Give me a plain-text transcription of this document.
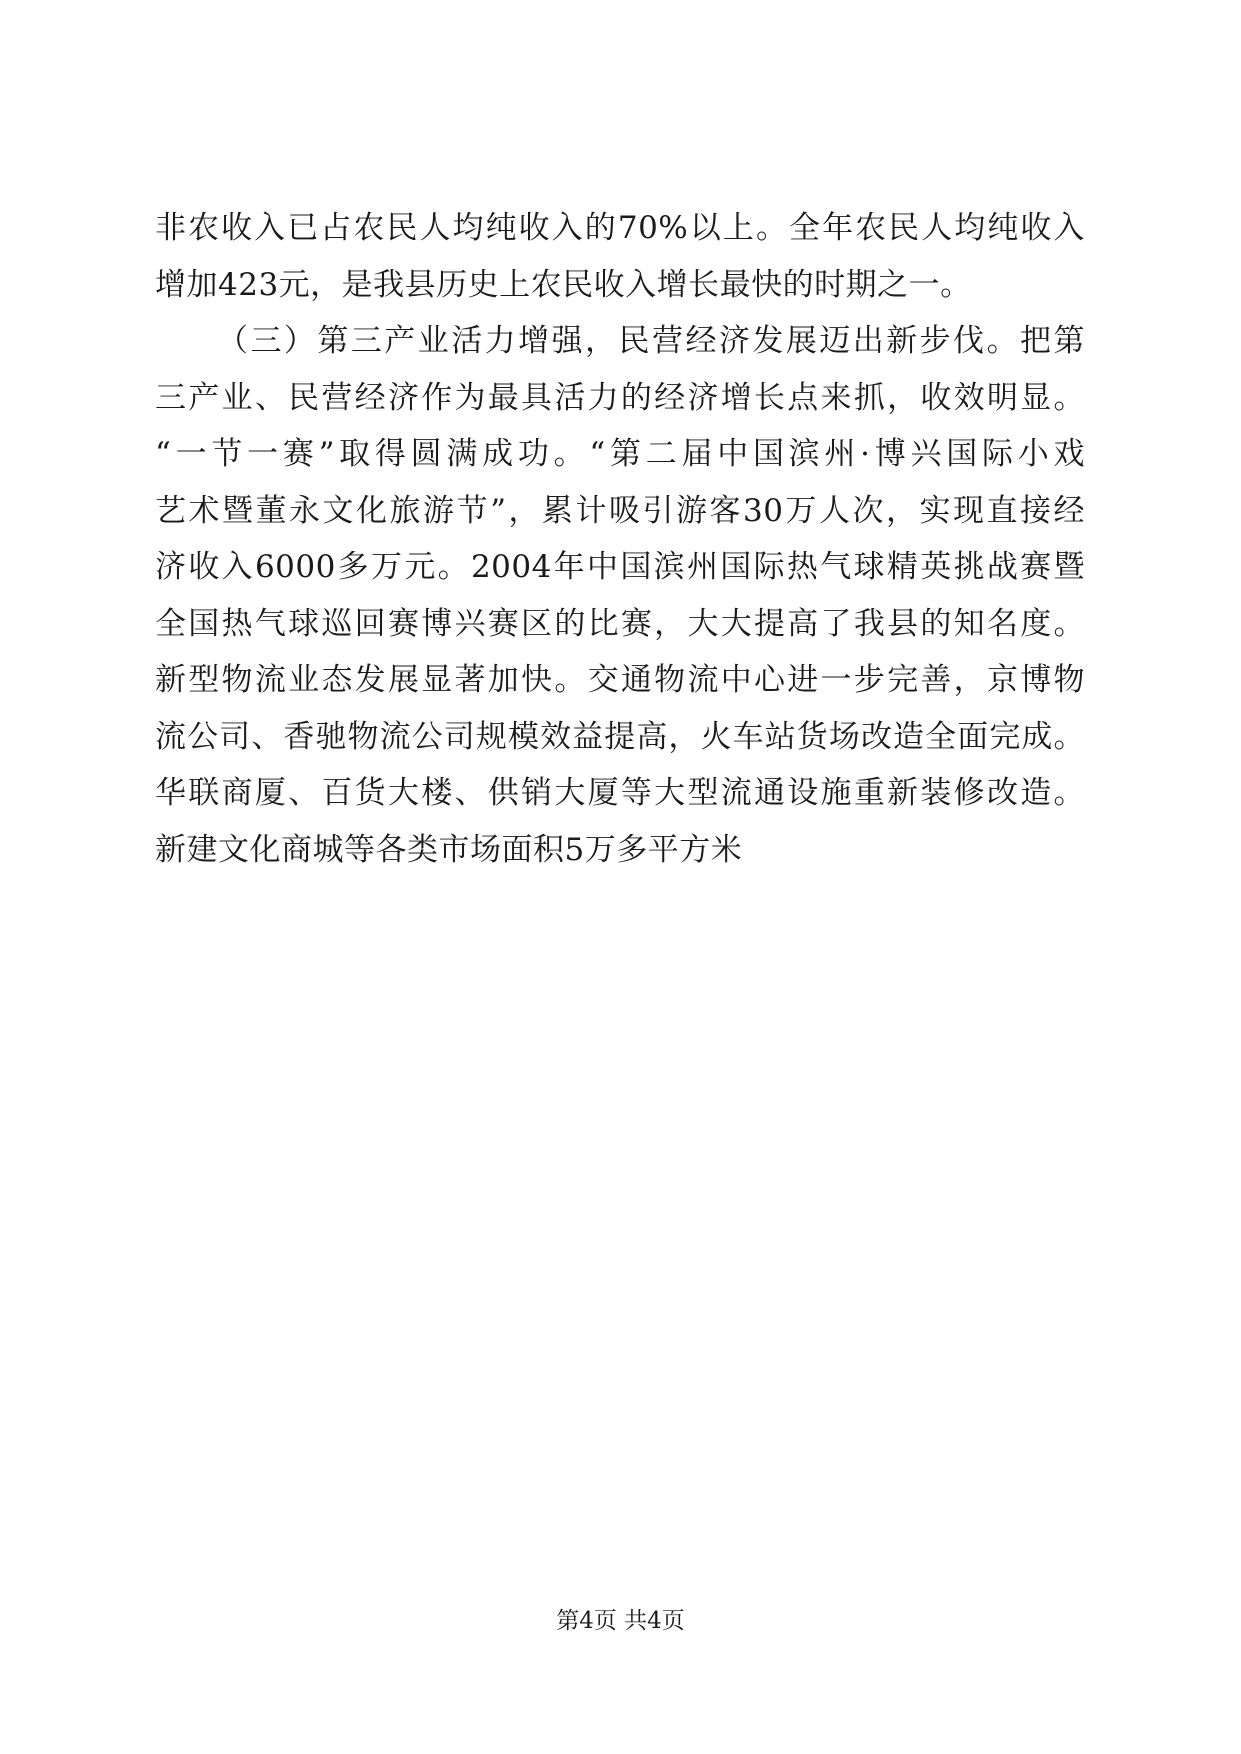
非农收入已占农民人均纯收入的70%以上。全年农民人均纯收入
增加423元，是我县历史上农民收入增长最快的时期之一。
（三）第三产业活力增强，民营经济发展迈出新步伐。把第
三产业、民营经济作为最具活力的经济增长点来抓，收效明显。
“一节一赛”取得圆满成功。“第二届中国滨州·博兴国际小戏
艺术暨董永文化旅游节”，累计吸引游客30万人次，实现直接经
济收入6000多万元。2004年中国滨州国际热气球精英挑战赛暨
全国热气球巡回赛博兴赛区的比赛，大大提高了我县的知名度。
新型物流业态发展显著加快。交通物流中心进一步完善，京博物
流公司、香驰物流公司规模效益提高，火车站货场改造全面完成。
华联商厦、百货大楼、供销大厦等大型流通设施重新装修改造。
新建文化商城等各类市场面积5万多平方米
第4页 共4页
